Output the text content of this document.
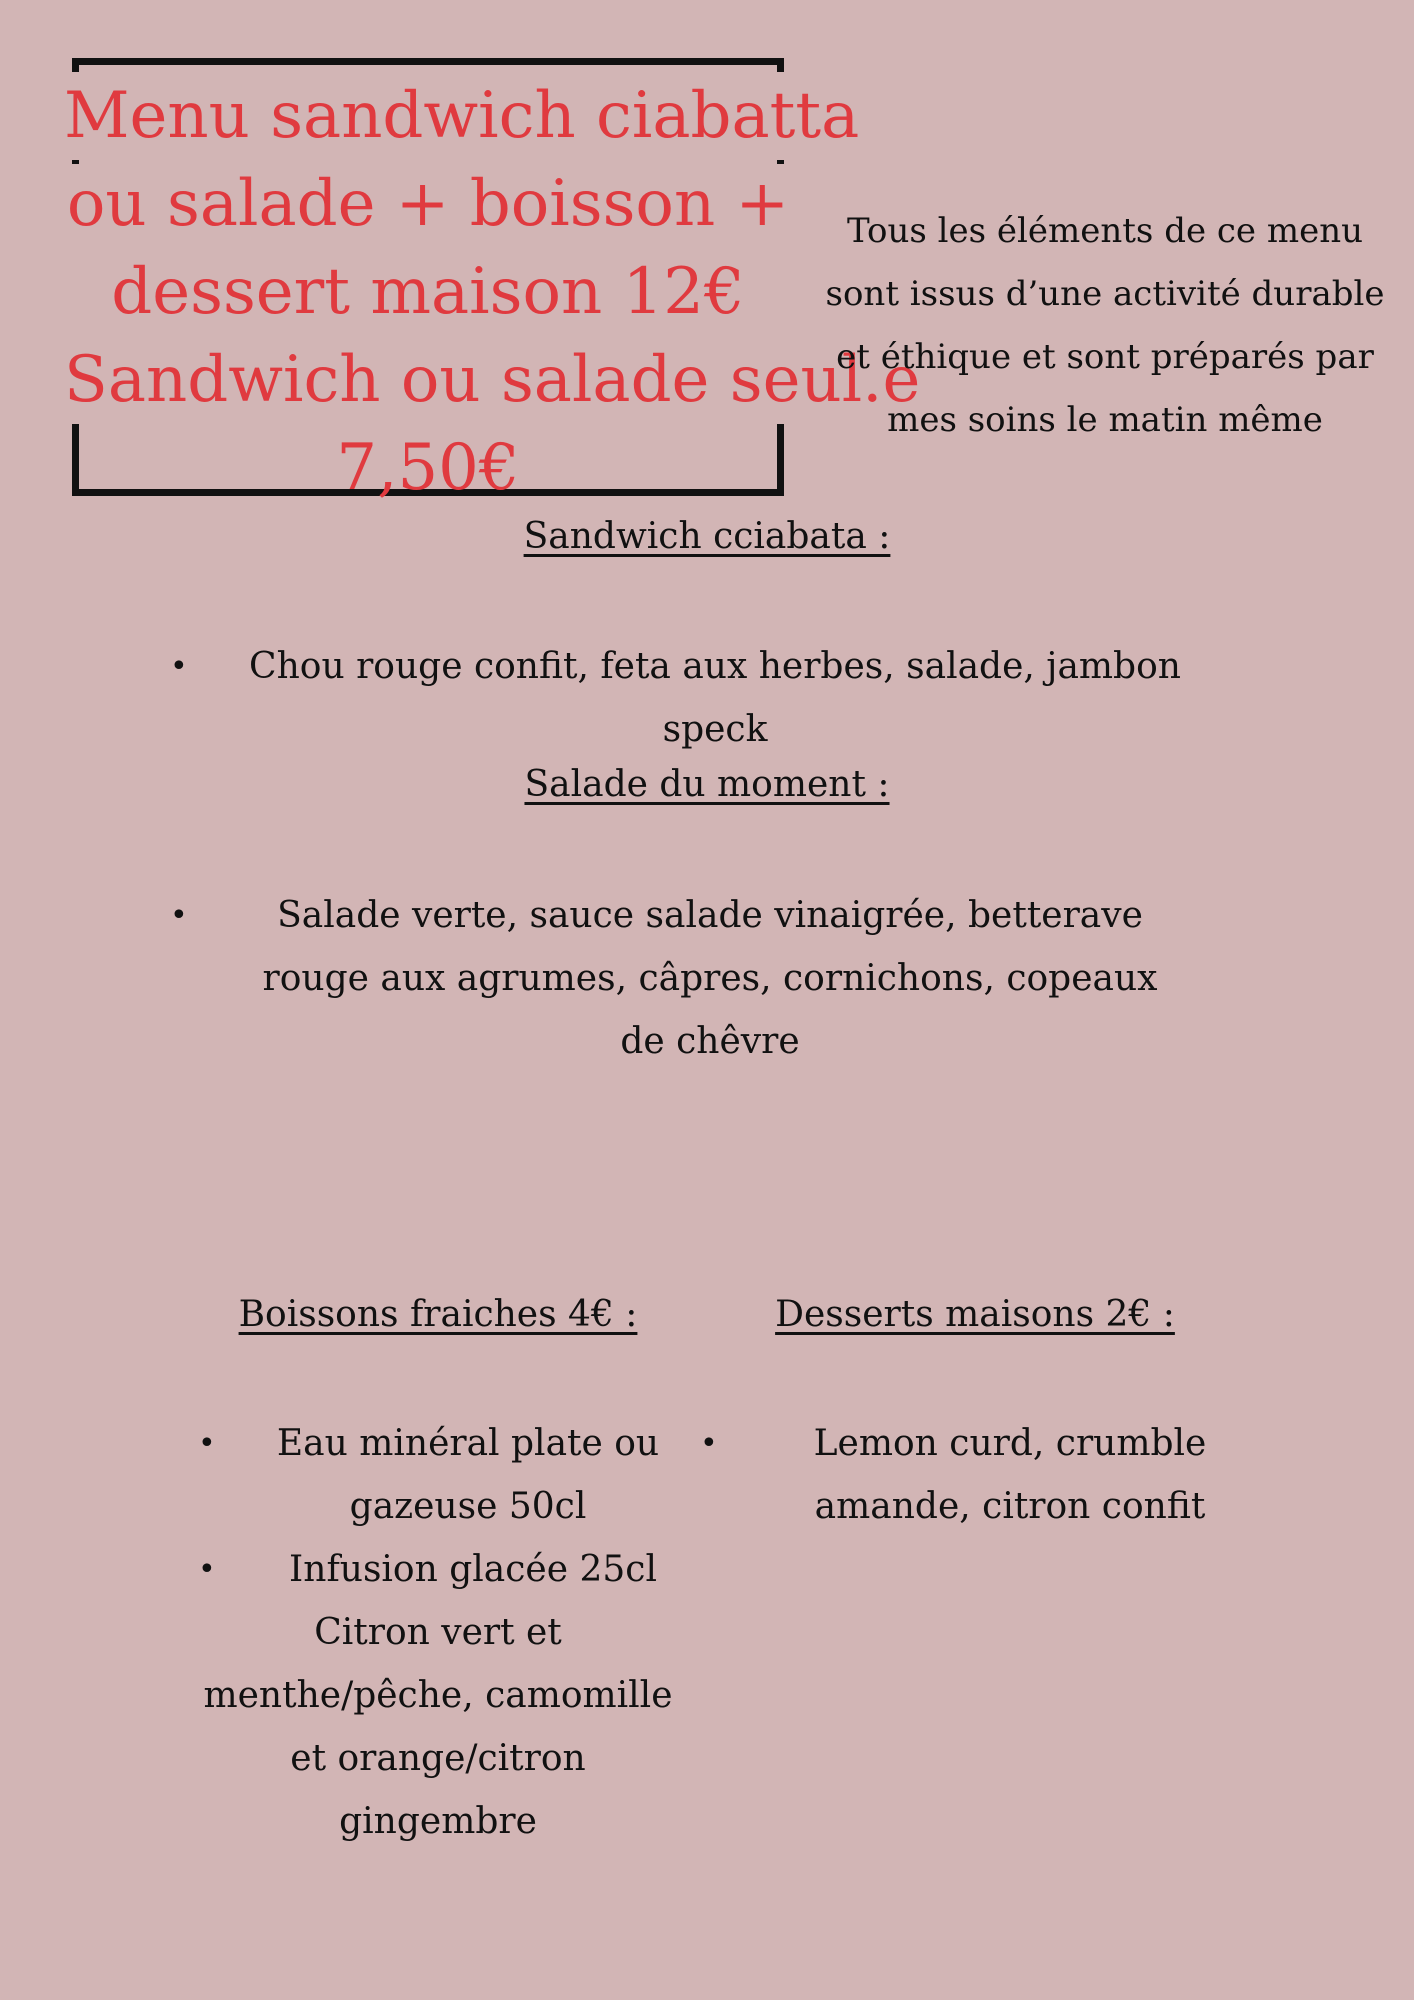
Menu sandwich ciabatta
ou salade + boisson +
dessert maison 12€
Sandwich ou salade seul.e
7,50€
Tous les éléments de ce menu sont issus d’une activité durable et éthique et sont préparés par mes soins le matin même
Sandwich cciabata :
•	Chou rouge confit, feta aux herbes, salade, jambon speck
Salade du moment :
•	Salade verte, sauce salade vinaigrée, betterave rouge aux agrumes, câpres, cornichons, copeaux de chêvre
Boissons fraiches 4€ :
•	Eau minéral plate ou gazeuse 50cl
•	Infusion glacée 25cl
Citron vert et menthe/pêche, camomille et orange/citron gingembre
Desserts maisons 2€ :
•	Lemon curd, crumble amande, citron confit
